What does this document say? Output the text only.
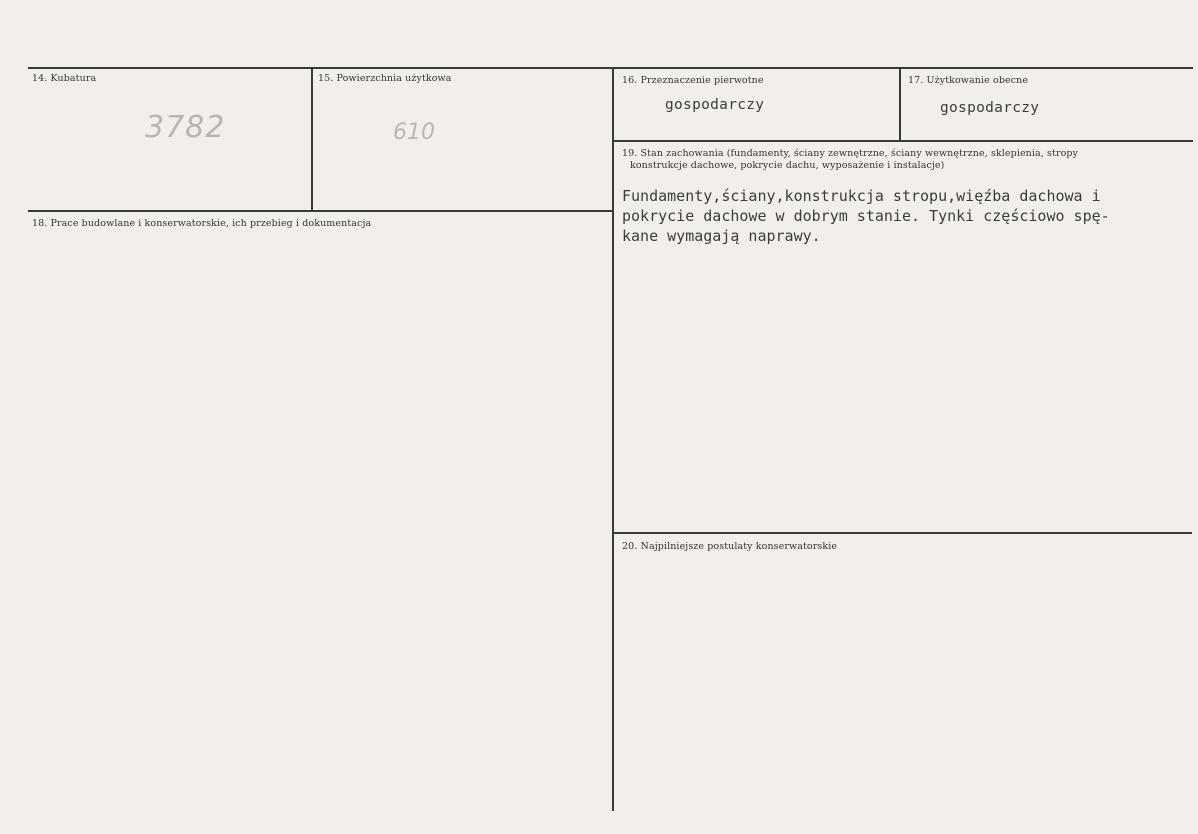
14. Kubatura
3782
15. Powierzchnia użytkowa
610
16. Przeznaczenie pierwotne
gospodarczy
17. Użytkowanie obecne
gospodarczy
18. Prace budowlane i konserwatorskie, ich przebieg i dokumentacja
19. Stan zachowania (fundamenty, ściany zewnętrzne, ściany wewnętrzne, sklepienia, stropy
konstrukcje dachowe, pokrycie dachu, wyposażenie i instalacje)
Fundamenty,ściany,konstrukcja stropu,więźba dachowa i
pokrycie dachowe w dobrym stanie. Tynki częściowo spę-
kane wymagają naprawy.
20. Najpilniejsze postulaty konserwatorskie
